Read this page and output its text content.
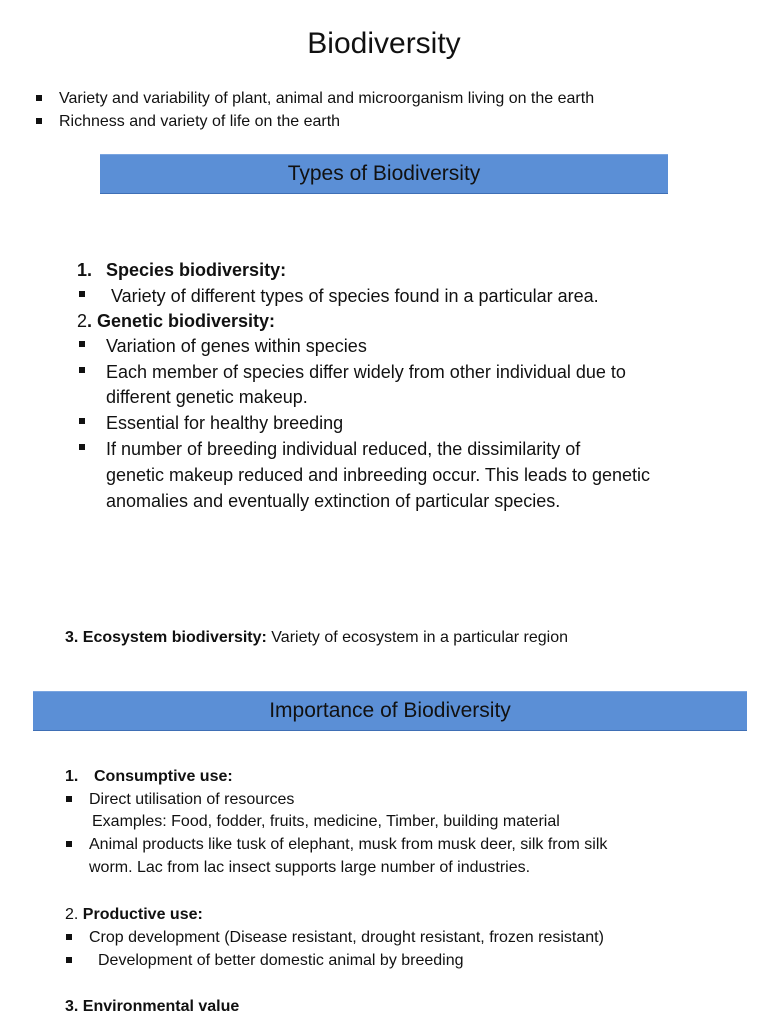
Biodiversity
Variety and variability of plant, animal and microorganism living on the earth
Richness and variety of life on the earth
Types of Biodiversity
1. Species biodiversity:
Variety of different types of species found in a particular area.
2 . Genetic biodiversity:
Variation of genes within species
Each member of species differ widely from other individual due to
different genetic makeup.
Essential for healthy breeding
If number of breeding individual reduced, the dissimilarity of
genetic makeup reduced and inbreeding occur. This leads to genetic
anomalies and eventually extinction of particular species.
3. Ecosystem biodiversity: Variety of ecosystem in a particular region
Importance of Biodiversity
1. Consumptive use:
Direct utilisation of resources
Examples: Food, fodder, fruits, medicine, Timber, building material
Animal products like tusk of elephant, musk from musk deer, silk from silk
worm. Lac from lac insect supports large number of industries.
2. Productive use:
Crop development (Disease resistant, drought resistant, frozen resistant)
Development of better domestic animal by breeding
3. Environmental value
